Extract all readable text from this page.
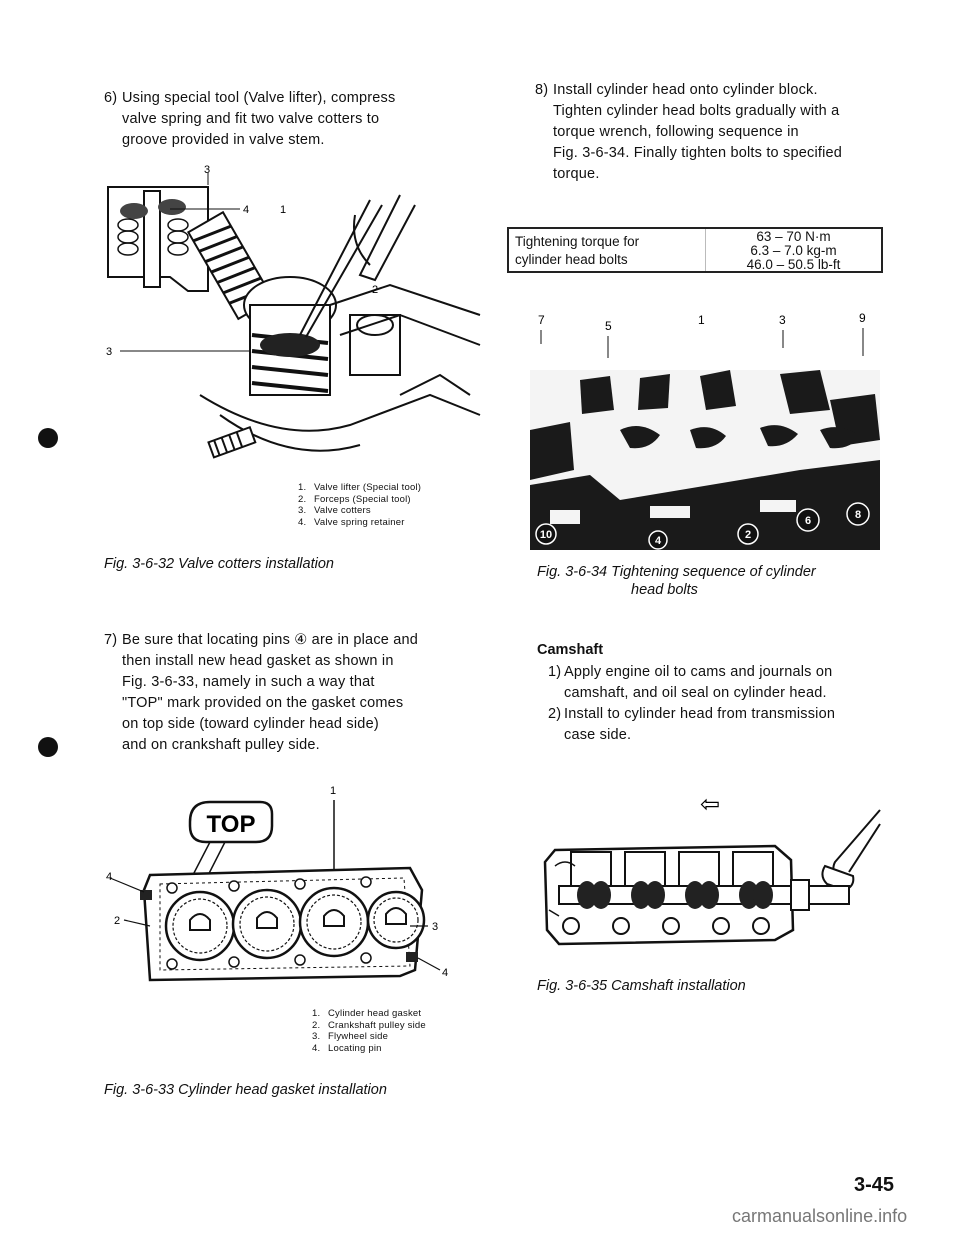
6) Using special tool (Valve lifter), compress
valve spring and fit two valve cotters to
groove provided in valve stem.
3
4	1
2
3
1. Valve lifter (Special tool)
2. Forceps (Special tool)
3. Valve cotters
4. Valve spring retainer
Fig. 3-6-32 Valve cotters installation
7) Be sure that locating pins ④ are in place and
then install new head gasket as shown in
Fig. 3-6-33, namely in such a way that
"TOP" mark provided on the gasket comes
on top side (toward cylinder head side)
and on crankshaft pulley side.
TOP
1
4
2	3
4
1. Cylinder head gasket
2. Crankshaft pulley side
3. Flywheel side
4. Locating pin
Fig. 3-6-33 Cylinder head gasket installation
8) Install cylinder head onto cylinder block.
Tighten cylinder head bolts gradually with a
torque wrench, following sequence in
Fig. 3-6-34. Finally tighten bolts to specified
torque.
Tightening torque for
cylinder head bolts
63 – 70 N·m
6.3 – 7.0 kg-m
46.0 – 50.5 lb-ft
7	5	1	3	9
10	4	2
6	8
Fig. 3-6-34 Tightening sequence of cylinder
head bolts
Camshaft
1) Apply engine oil to cams and journals on
camshaft, and oil seal on cylinder head.
2) Install to cylinder head from transmission
case side.
⇦
Fig. 3-6-35 Camshaft installation
3-45
carmanualsonline.info
